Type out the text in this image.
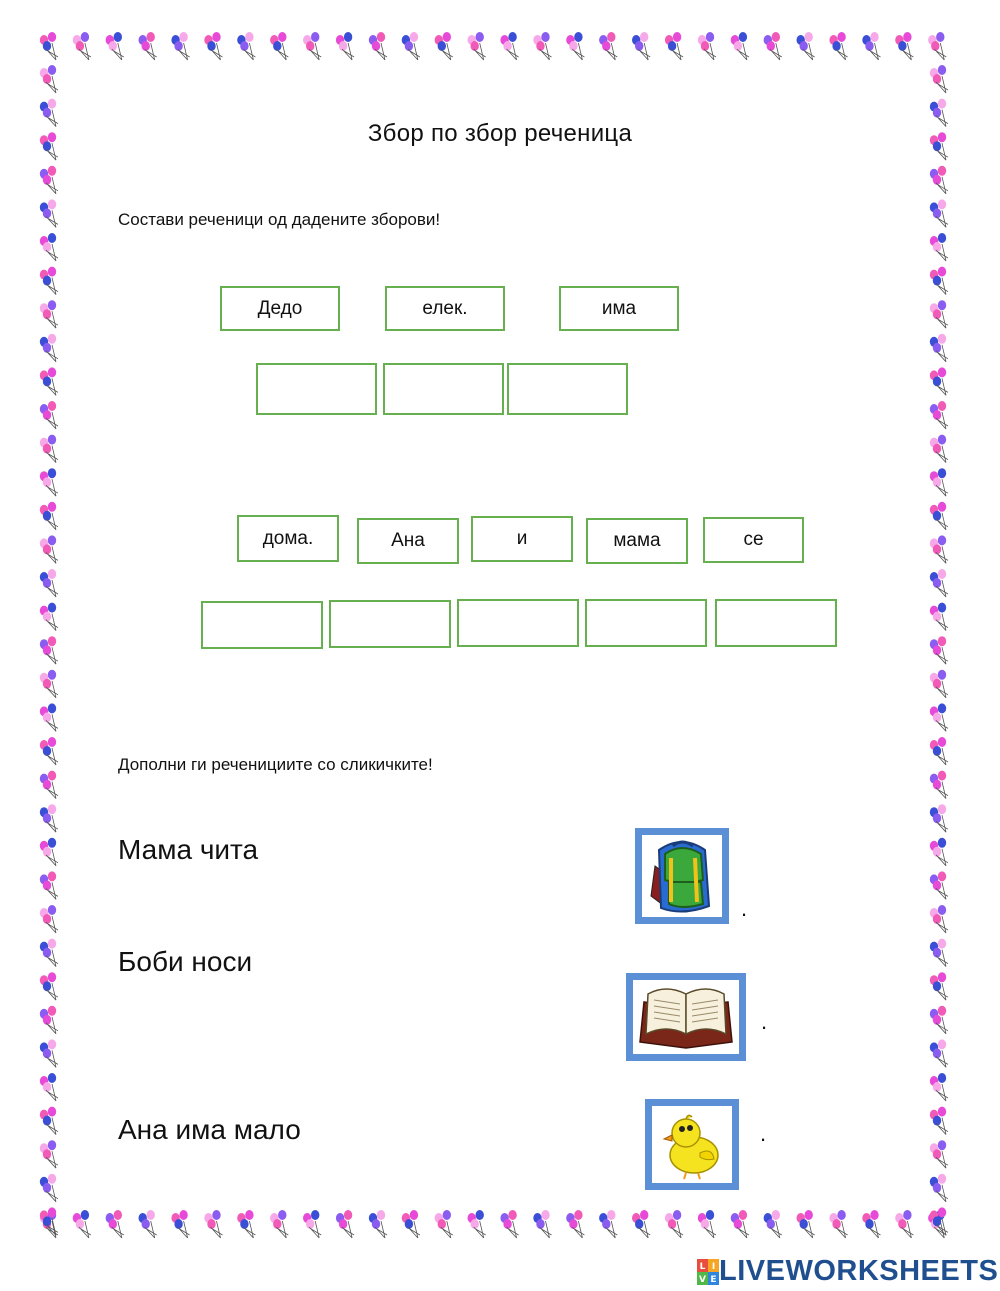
Збор по збор реченица
Состави реченици од дадените зборови!
Дедо	елек.	има
дома.	Ана	и	мама	се
Дополни ги реченициите со сликичките!
Мама чита
Боби носи
Ана има мало
.
.
.
L I
V E LIVEWORKSHEETS
